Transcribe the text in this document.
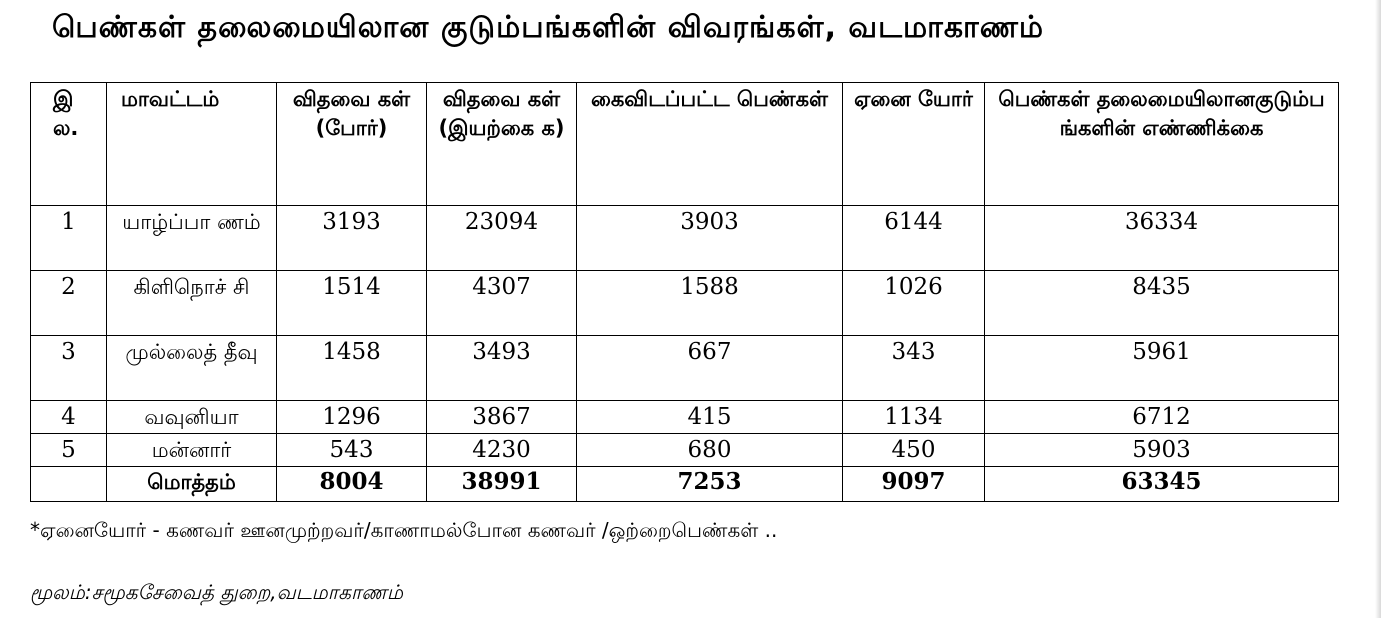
பெண்கள் தலைமையிலான குடும்பங்களின் விவரங்கள், வடமாகாணம்
இ ல.	மாவட்டம்	விதவை கள் (போர்)	விதவை கள் (இயற்கை க)	கைவிடப்பட்ட பெண்கள்	ஏனை யோர்	பெண்கள் தலைமையிலானகுடும்ப ங்களின் எண்ணிக்கை
1	யாழ்ப்பா ணம்	3193	23094	3903	6144	36334
2	கிளிநொச் சி	1514	4307	1588	1026	8435
3	முல்லைத் தீவு	1458	3493	667	343	5961
4	வவுனியா	1296	3867	415	1134	6712
5	மன்னார்	543	4230	680	450	5903
	மொத்தம்	8004	38991	7253	9097	63345
*ஏனையோர் - கணவர் ஊனமுற்றவர்/காணாமல்போன கணவர் /ஒற்றைபெண்கள் ..
மூலம்:சமூகசேவைத் துறை,வடமாகாணம்
